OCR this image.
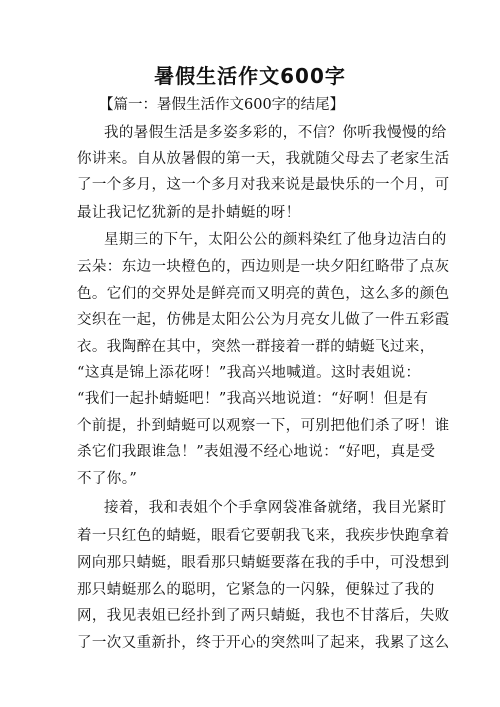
暑假生活作文600字
【篇一：暑假生活作文600字的结尾】
我的暑假生活是多姿多彩的，不信？你听我慢慢的给
你讲来。自从放暑假的第一天，我就随父母去了老家生活
了一个多月，这一个多月对我来说是最快乐的一个月，可
最让我记忆犹新的是扑蜻蜓的呀！
星期三的下午，太阳公公的颜料染红了他身边洁白的
云朵：东边一块橙色的，西边则是一块夕阳红略带了点灰
色。它们的交界处是鲜亮而又明亮的黄色，这么多的颜色
交织在一起，仿佛是太阳公公为月亮女儿做了一件五彩霞
衣。我陶醉在其中，突然一群接着一群的蜻蜓飞过来，
“这真是锦上添花呀！”我高兴地喊道。这时表姐说：
“我们一起扑蜻蜓吧！”我高兴地说道：“好啊！但是有
个前提，扑到蜻蜓可以观察一下，可别把他们杀了呀！谁
杀它们我跟谁急！”表姐漫不经心地说：“好吧，真是受
不了你。”
接着，我和表姐个个手拿网袋准备就绪，我目光紧盯
着一只红色的蜻蜓，眼看它要朝我飞来，我疾步快跑拿着
网向那只蜻蜓，眼看那只蜻蜓要落在我的手中，可没想到
那只蜻蜓那么的聪明，它紧急的一闪躲，便躲过了我的
网，我见表姐已经扑到了两只蜻蜓，我也不甘落后，失败
了一次又重新扑，终于开心的突然叫了起来，我累了这么
